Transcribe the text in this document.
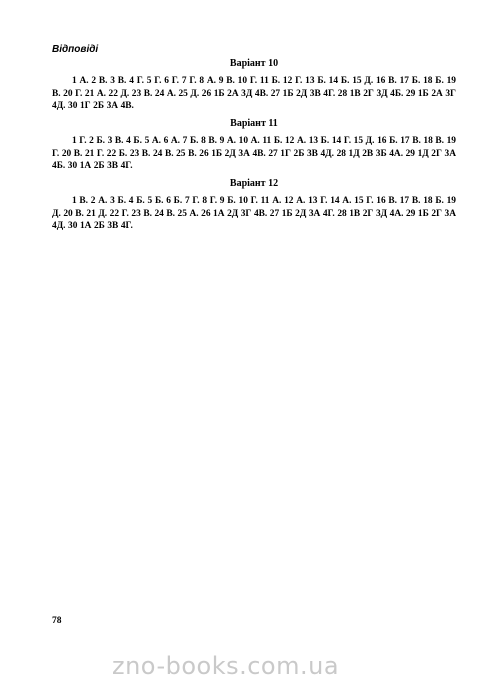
Відповіді
Варіант 10
1 А. 2 В. 3 В. 4 Г. 5 Г. 6 Г. 7 Г. 8 А. 9 В. 10 Г. 11 Б. 12 Г. 13 Б. 14 Б. 15 Д. 16 В. 17 Б. 18 Б. 19 В. 20 Г. 21 А. 22 Д. 23 В. 24 А. 25 Д. 26 1Б 2А 3Д 4В. 27 1Б 2Д 3В 4Г. 28 1В 2Г 3Д 4Б. 29 1Б 2А 3Г 4Д. 30 1Г 2Б 3А 4В.
Варіант 11
1 Г. 2 Б. 3 В. 4 Б. 5 А. 6 А. 7 Б. 8 В. 9 А. 10 А. 11 Б. 12 А. 13 Б. 14 Г. 15 Д. 16 Б. 17 В. 18 В. 19 Г. 20 В. 21 Г. 22 Б. 23 В. 24 В. 25 В. 26 1Б 2Д 3А 4В. 27 1Г 2Б 3В 4Д. 28 1Д 2В 3Б 4А. 29 1Д 2Г 3А 4Б. 30 1А 2Б 3В 4Г.
Варіант 12
1 В. 2 А. 3 Б. 4 Б. 5 Б. 6 Б. 7 Г. 8 Г. 9 Б. 10 Г. 11 А. 12 А. 13 Г. 14 А. 15 Г. 16 В. 17 В. 18 Б. 19 Д. 20 В. 21 Д. 22 Г. 23 В. 24 В. 25 А. 26 1А 2Д 3Г 4В. 27 1Б 2Д 3А 4Г. 28 1В 2Г 3Д 4А. 29 1Б 2Г 3А 4Д. 30 1А 2Б 3В 4Г.
78
zno-books.com.ua
